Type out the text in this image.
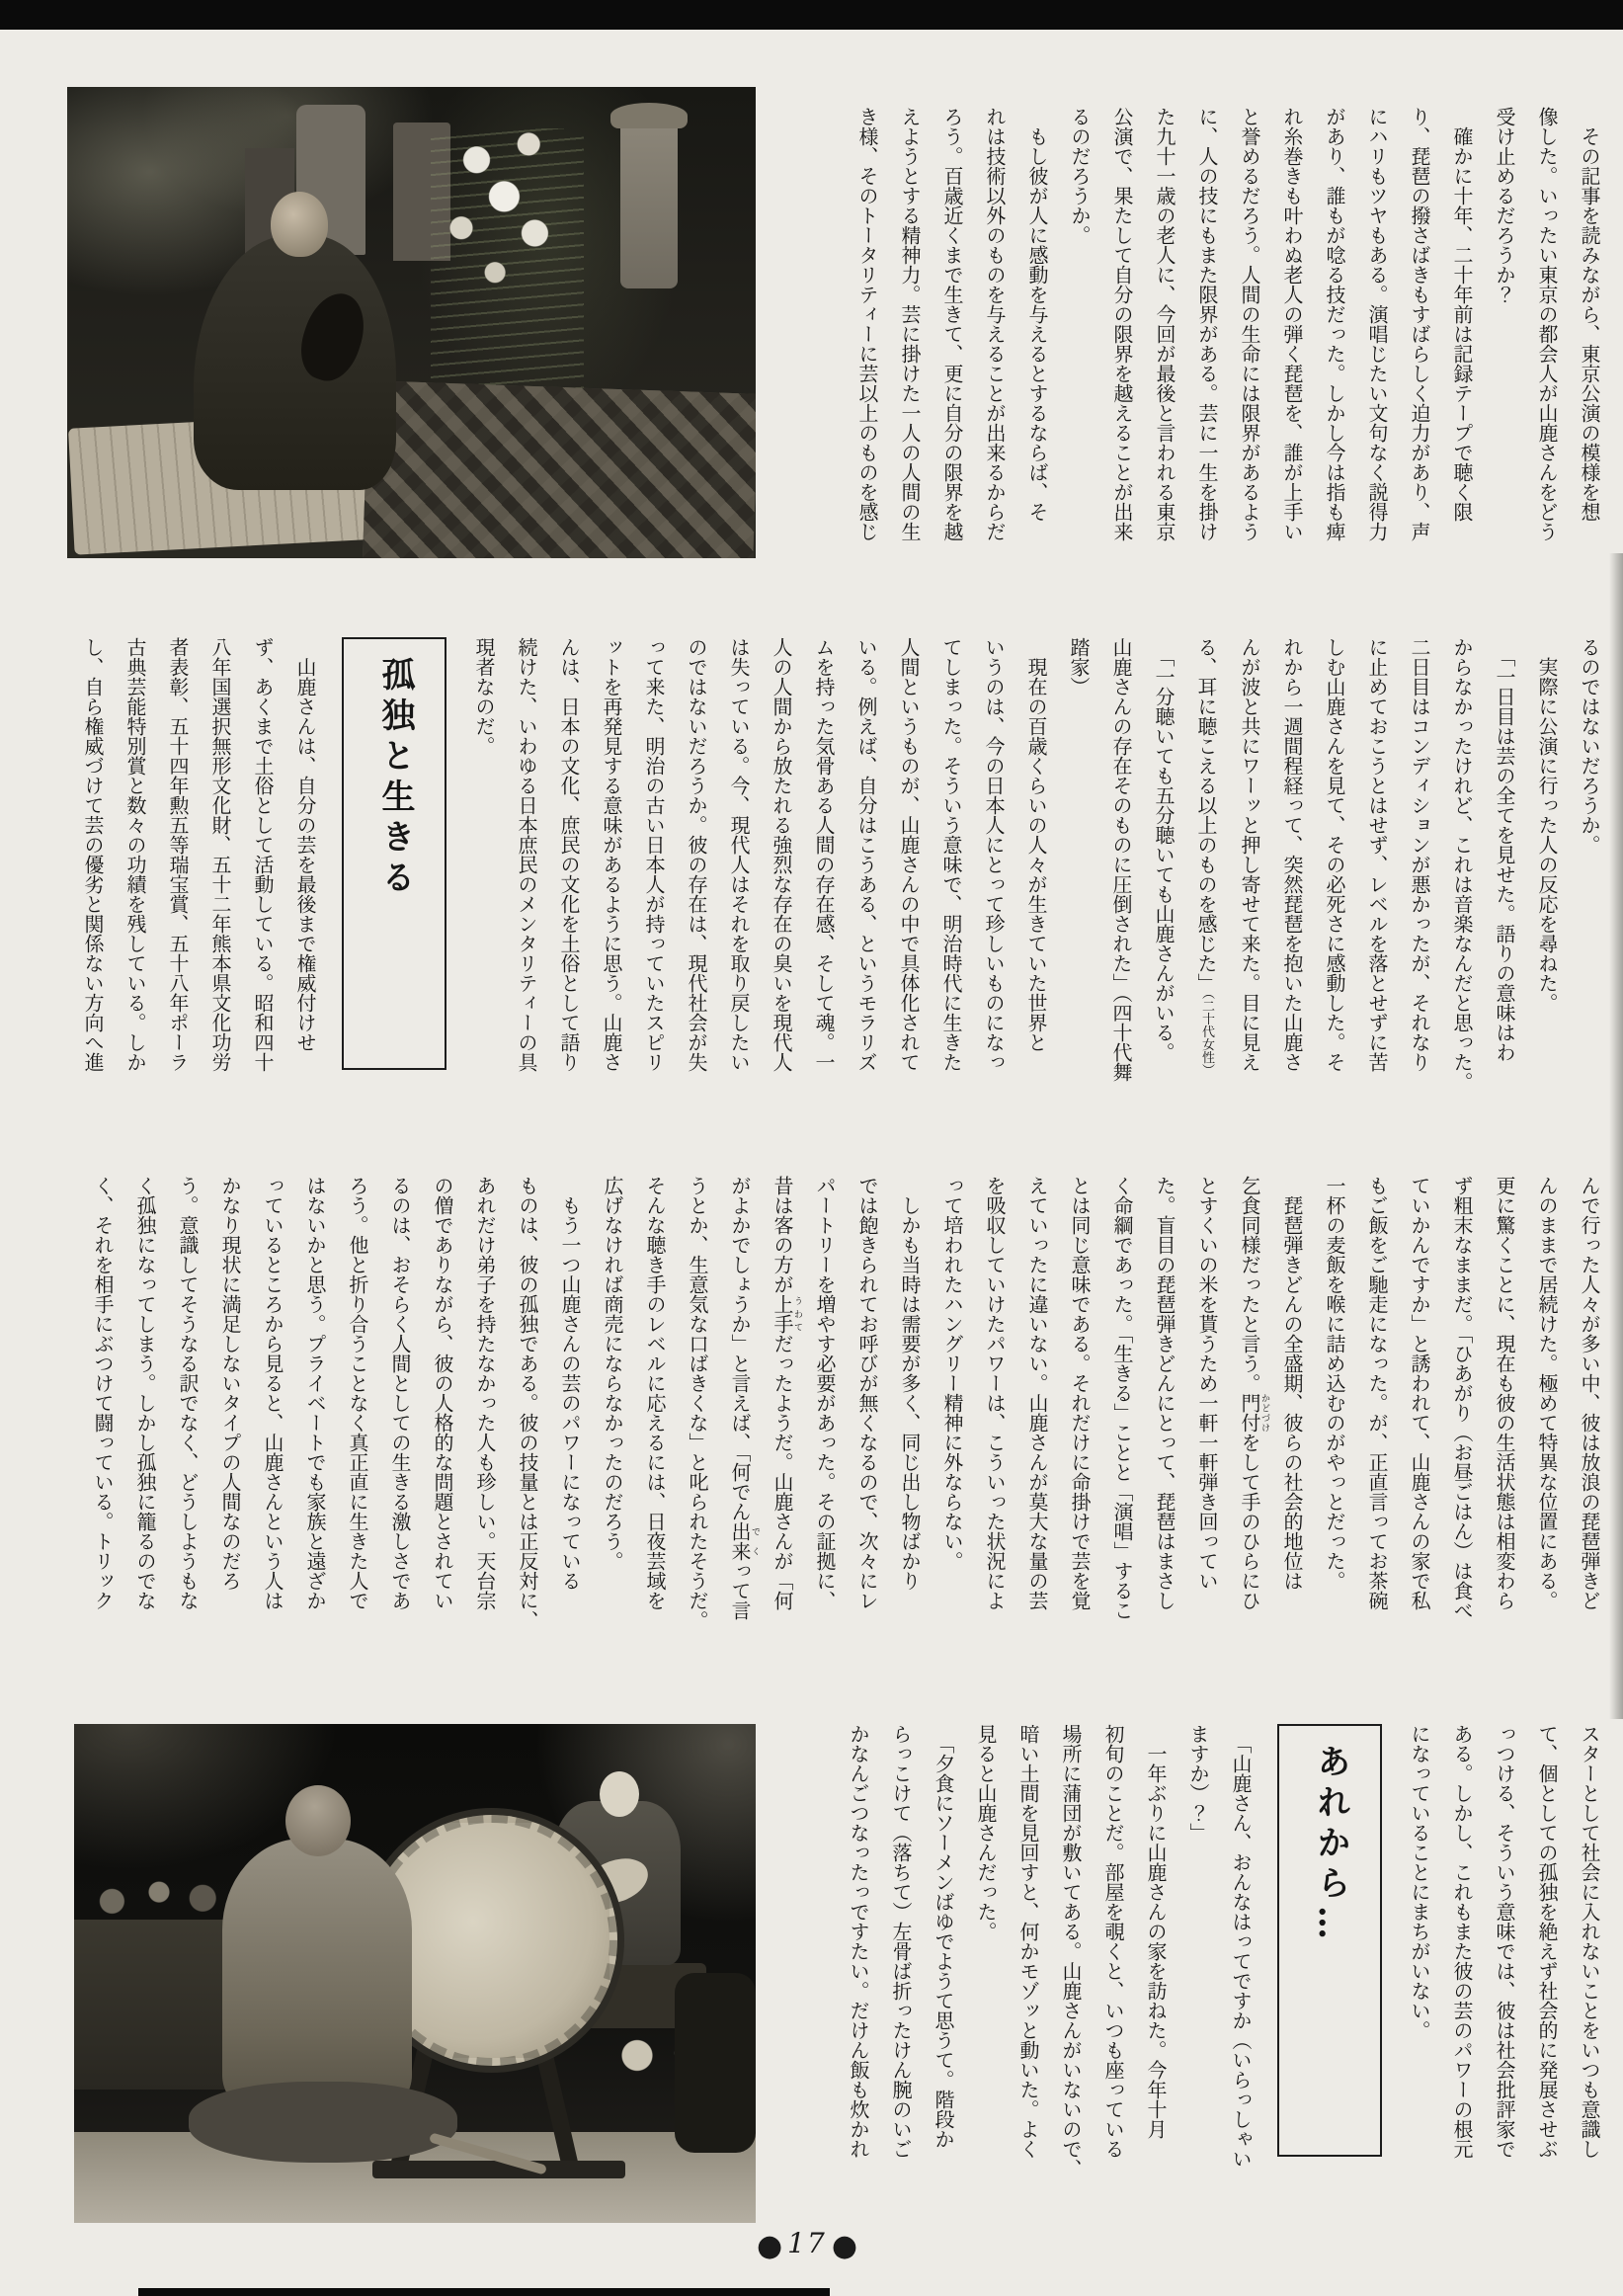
　その記事を読みながら、東京公演の模様を想
像した。いったい東京の都会人が山鹿さんをどう
受け止めるだろうか？
　確かに十年、二十年前は記録テープで聴く限
り、琵琶の撥さばきもすばらしく迫力があり、声
にハリもツヤもある。演唱じたい文句なく説得力
があり、誰もが唸る技だった。しかし今は指も痺
れ糸巻きも叶わぬ老人の弾く琵琶を、誰が上手い
と誉めるだろう。人間の生命には限界があるよう
に、人の技にもまた限界がある。芸に一生を掛け
た九十一歳の老人に、今回が最後と言われる東京
公演で、果たして自分の限界を越えることが出来
るのだろうか。
　もし彼が人に感動を与えるとするならば、そ
れは技術以外のものを与えることが出来るからだ
ろう。百歳近くまで生きて、更に自分の限界を越
えようとする精神力。芸に掛けた一人の人間の生
き様、そのトータリティーに芸以上のものを感じ
るのではないだろうか。
　実際に公演に行った人の反応を尋ねた。
　「一日目は芸の全てを見せた。語りの意味はわ
からなかったけれど、これは音楽なんだと思った。
二日目はコンディションが悪かったが、それなり
に止めておこうとはせず、レベルを落とせずに苦
しむ山鹿さんを見て、その必死さに感動した。そ
れから一週間程経って、突然琵琶を抱いた山鹿さ
んが波と共にワーッと押し寄せて来た。目に見え
る、耳に聴こえる以上のものを感じた」（二十代女性）
　「一分聴いても五分聴いても山鹿さんがいる。
山鹿さんの存在そのものに圧倒された」（四十代舞
踏家）
　現在の百歳くらいの人々が生きていた世界と
いうのは、今の日本人にとって珍しいものになっ
てしまった。そういう意味で、明治時代に生きた
人間というものが、山鹿さんの中で具体化されて
いる。例えば、自分はこうある、というモラリズ
ムを持った気骨ある人間の存在感、そして魂。一
人の人間から放たれる強烈な存在の臭いを現代人
は失っている。今、現代人はそれを取り戻したい
のではないだろうか。彼の存在は、現代社会が失
って来た、明治の古い日本人が持っていたスピリ
ットを再発見する意味があるように思う。山鹿さ
んは、日本の文化、庶民の文化を土俗として語り
続けた、いわゆる日本庶民のメンタリティーの具
現者なのだ。
孤独と生きる
　山鹿さんは、自分の芸を最後まで権威付けせ
ず、あくまで土俗として活動している。昭和四十
八年国選択無形文化財、五十二年熊本県文化功労
者表彰、五十四年勲五等瑞宝賞、五十八年ポーラ
古典芸能特別賞と数々の功績を残している。しか
し、自ら権威づけて芸の優劣と関係ない方向へ進
んで行った人々が多い中、彼は放浪の琵琶弾きど
んのままで居続けた。極めて特異な位置にある。
更に驚くことに、現在も彼の生活状態は相変わら
ず粗末なままだ。「ひあがり（お昼ごはん）は食べ
ていかんですか」と誘われて、山鹿さんの家で私
もご飯をご馳走になった。が、正直言ってお茶碗
一杯の麦飯を喉に詰め込むのがやっとだった。
　琵琶弾きどんの全盛期、彼らの社会的地位は
乞食同様だったと言う。門付かどづけをして手のひらにひ
とすくいの米を貰うため一軒一軒弾き回ってい
た。盲目の琵琶弾きどんにとって、琵琶はまさし
く命綱であった。「生きる」ことと「演唱」するこ
とは同じ意味である。それだけに命掛けで芸を覚
えていったに違いない。山鹿さんが莫大な量の芸
を吸収していけたパワーは、こういった状況によ
って培われたハングリー精神に外ならない。
　しかも当時は需要が多く、同じ出し物ばかり
では飽きられてお呼びが無くなるので、次々にレ
パートリーを増やす必要があった。その証拠に、
昔は客の方が上手うわてだったようだ。山鹿さんが「何
がよかでしょうか」と言えば、「何でん出来でくって言
うとか、生意気な口ばきくな」と叱られたそうだ。
そんな聴き手のレベルに応えるには、日夜芸域を
広げなければ商売にならなかったのだろう。
　もう一つ山鹿さんの芸のパワーになっている
ものは、彼の孤独である。彼の技量とは正反対に、
あれだけ弟子を持たなかった人も珍しい。天台宗
の僧でありながら、彼の人格的な問題とされてい
るのは、おそらく人間としての生きる激しさであ
ろう。他と折り合うことなく真正直に生きた人で
はないかと思う。プライベートでも家族と遠ざか
っているところから見ると、山鹿さんという人は
かなり現状に満足しないタイプの人間なのだろ
う。意識してそうなる訳でなく、どうしようもな
く孤独になってしまう。しかし孤独に籠るのでな
く、それを相手にぶつけて闘っている。トリック
スターとして社会に入れないことをいつも意識し
て、個としての孤独を絶えず社会的に発展させぶ
っつける、そういう意味では、彼は社会批評家で
ある。しかし、これもまた彼の芸のパワーの根元
になっていることにまちがいない。
あれから…
　「山鹿さん、おんなはってですか（いらっしゃい
ますか）？」
　一年ぶりに山鹿さんの家を訪ねた。今年十月
初旬のことだ。部屋を覗くと、いつも座っている
場所に蒲団が敷いてある。山鹿さんがいないので、
暗い土間を見回すと、何かモゾッと動いた。よく
見ると山鹿さんだった。
　「夕食にソーメンばゆでようて思うて。階段か
らっこけて（落ちて）左骨ば折ったけん腕のいご
かなんごつなったっですたい。だけん飯も炊かれ
● 17 ●
